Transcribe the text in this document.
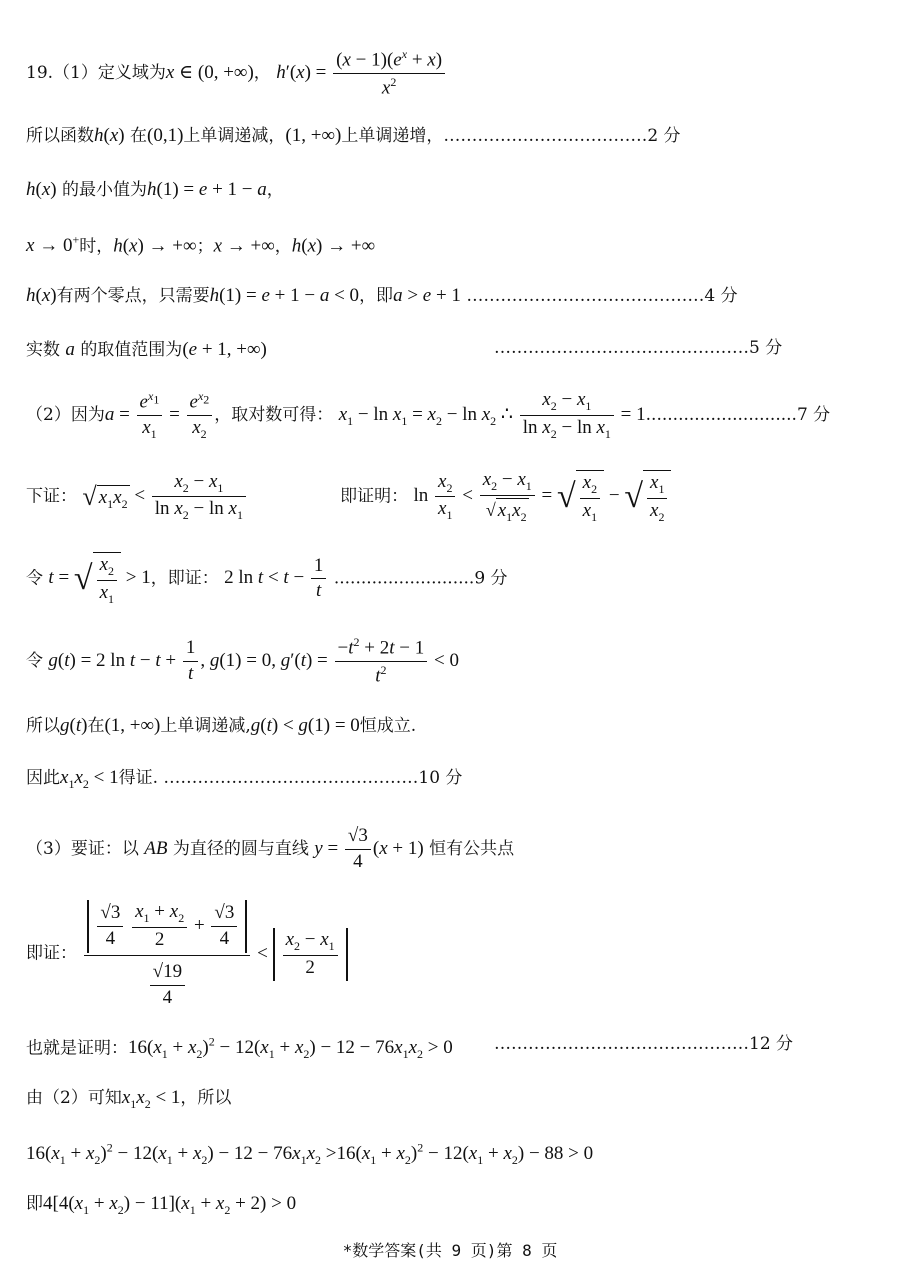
19.（1）定义域为x ∈ (0, +∞)， $h'(x) = \frac{(x - 1)(e^x + x)}{x^2}$
所以函数h(x) 在(0,1)上单调递减，(1, +∞)上单调递增，………………………………2 分
h(x) 的最小值为h(1) = e + 1 − a，
x → 0+时，h(x) → +∞；x → +∞，h(x) → +∞
h(x)有两个零点，只需要h(1) = e + 1 − a < 0，即a > e + 1 ……………………………………4 分
实数 a 的取值范围为(e + 1, +∞)	………………………………………5 分
（2）因为$a = \frac{e^{x_1}}{x_1} = \frac{e^{x_2}}{x_2}$ ，取对数可得： $x_1 - \ln x_1 = x_2 - \ln x_2$ ∴ $\frac{x_2 - x_1}{\ln x_2 - \ln x_1} = 1............................7$ 分
下证： √ $x_1x_2 < \frac{x_2 - x_1}{\ln x_2 - \ln x_1}$	即证明： $\ln \frac{x_2}{x_1} < \frac{x_2 - x_1}{√ x_1x_2}$ = √ $\frac{x_2}{x_1}$ − √ $\frac{x_1}{x_2}$
令 t = √ $\frac{x_2}{x_1} > 1$，即证： 2 $\ln t < t - \frac{1}{t} ..........................9$ 分
令 g(t) = 2 $\ln t - t + \frac{1}{t}$ , g(1) = 0, $g'(t) = \frac{-t^2 + 2t - 1}{t^2} < 0$
所以g(t)在(1, +∞)上单调递减,g(t) < g(1) = 0恒成立.
因此$x_1x_2 < 1$得证. ………………………………………10 分
（3）要证：以 AB 为直径的圆与直线 $y = \frac{√3}{4} (x + 1)$ 恒有公共点
即证： $\frac{√3}{4}$
$\frac{x_1 + x_2}{2} + \frac{√3}{4}$
$\frac{√19}{4} < \frac{x_2 - x_1}{2}$
也就是证明：$16(x_1 + x_2)^2 - 12(x_1 + x_2) - 12 - 76x_1x_2 > 0$ ………………………………………12 分
由（2）可知$x_1x_2 < 1$，所以
$16(x_1 + x_2)^2 - 12(x_1 + x_2) - 12 - 76x_1x_2 >16(x_1 + x_2)^2 - 12(x_1 + x_2) - 88 > 0$
即$4[4(x_1 + x_2) - 11](x_1 + x_2 + 2) > 0$
*数学答案(共 9 页)第 8 页
